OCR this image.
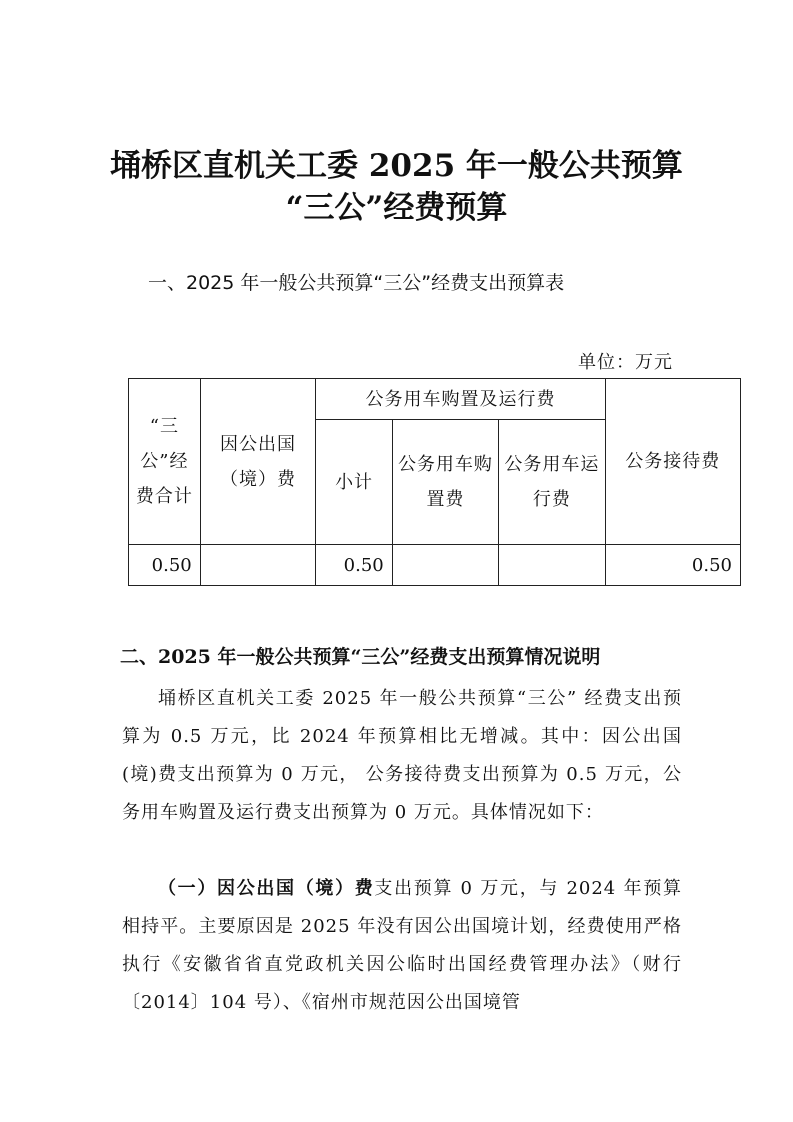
埇桥区直机关工委 2025 年一般公共预算
“三公”经费预算
一、2025 年一般公共预算“三公”经费支出预算表
单位：万元
“三公”经费合计	因公出国（境）费	公务用车购置及运行费			公务接待费
		小计	公务用车购置费	公务用车运行费	
0.50		0.50			0.50
二、2025 年一般公共预算“三公”经费支出预算情况说明
埇桥区直机关工委 2025 年一般公共预算“三公” 经费支出预算为 0.5 万元，比 2024 年预算相比无增减。其中：因公出国(境)费支出预算为 0 万元， 公务接待费支出预算为 0.5 万元，公务用车购置及运行费支出预算为 0 万元。具体情况如下：
（一）因公出国（境）费支出预算 0 万元，与 2024 年预算相持平。主要原因是 2025 年没有因公出国境计划，经费使用严格执行《安徽省省直党政机关因公临时出国经费管理办法》（财行〔2014〕104 号）、《宿州市规范因公出国境管
